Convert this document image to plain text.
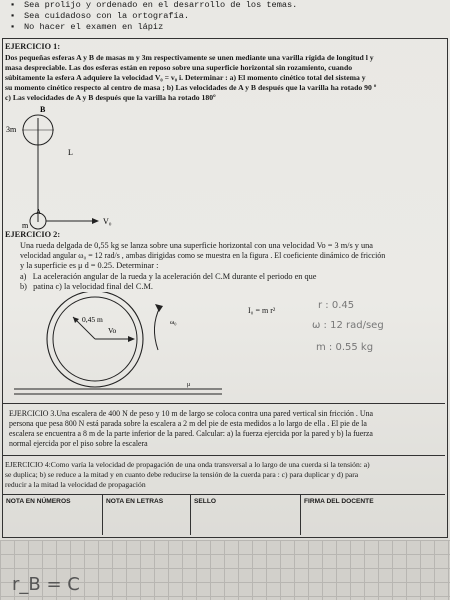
▪ Sea prolijo y ordenado en el desarrollo de los temas.
▪ Sea cuidadoso con la ortografía.
▪ No hacer el examen en lápiz
EJERCICIO 1:
Dos pequeñas esferas A y B de masas m y 3m respectivamente se unen mediante una varilla rígida de longitud l y
masa despreciable. Las dos esferas están en reposo sobre una superficie horizontal sin rozamiento, cuando
súbitamente la esfera A adquiere la velocidad V₀ = v₀ i. Determinar : a) El momento cinético total del sistema y
su momento cinético respecto al centro de masa ; b) Las velocidades de A y B después que la varilla ha rotado 90 º
c) Las velocidades de A y B después que la varilla ha rotado 180º
B
3m
L
m
A
V₀
EJERCICIO 2:
Una rueda delgada de 0,55 kg se lanza sobre una superficie horizontal con una velocidad Vo = 3 m/s y una
velocidad angular ω₀ = 12 rad/s , ambas dirigidas como se muestra en la figura . El coeficiente dinámico de fricción
y la superficie es μ d = 0.25. Determinar :
a) La aceleración angular de la rueda y la aceleración del C.M durante el periodo en que
b) patina c) la velocidad final del C.M.
0,45 m
Vo
ω₀
μ
I₀ = m r²	r : 0.45
ω : 12 rad/seg
m : 0.55 kg
EJERCICIO 3.Una escalera de 400 N de peso y 10 m de largo se coloca contra una pared vertical sin fricción . Una
persona que pesa 800 N está parada sobre la escalera a 2 m del pie de esta medidos a lo largo de ella . El pie de la
escalera se encuentra a 8 m de la parte inferior de la pared. Calcular: a) la fuerza ejercida por la pared y b) la fuerza
normal ejercida por el piso sobre la escalera
EJERCICIO 4:Como varía la velocidad de propagación de una onda transversal a lo largo de una cuerda si la tensión: a)
se duplica; b) se reduce a la mitad y en cuanto debe reducirse la tensión de la cuerda para : c) para duplicar y d) para
reducir a la mitad la velocidad de propagación
NOTA EN NÚMEROS	NOTA EN LETRAS	SELLO	FIRMA DEL DOCENTE
r_B = C
